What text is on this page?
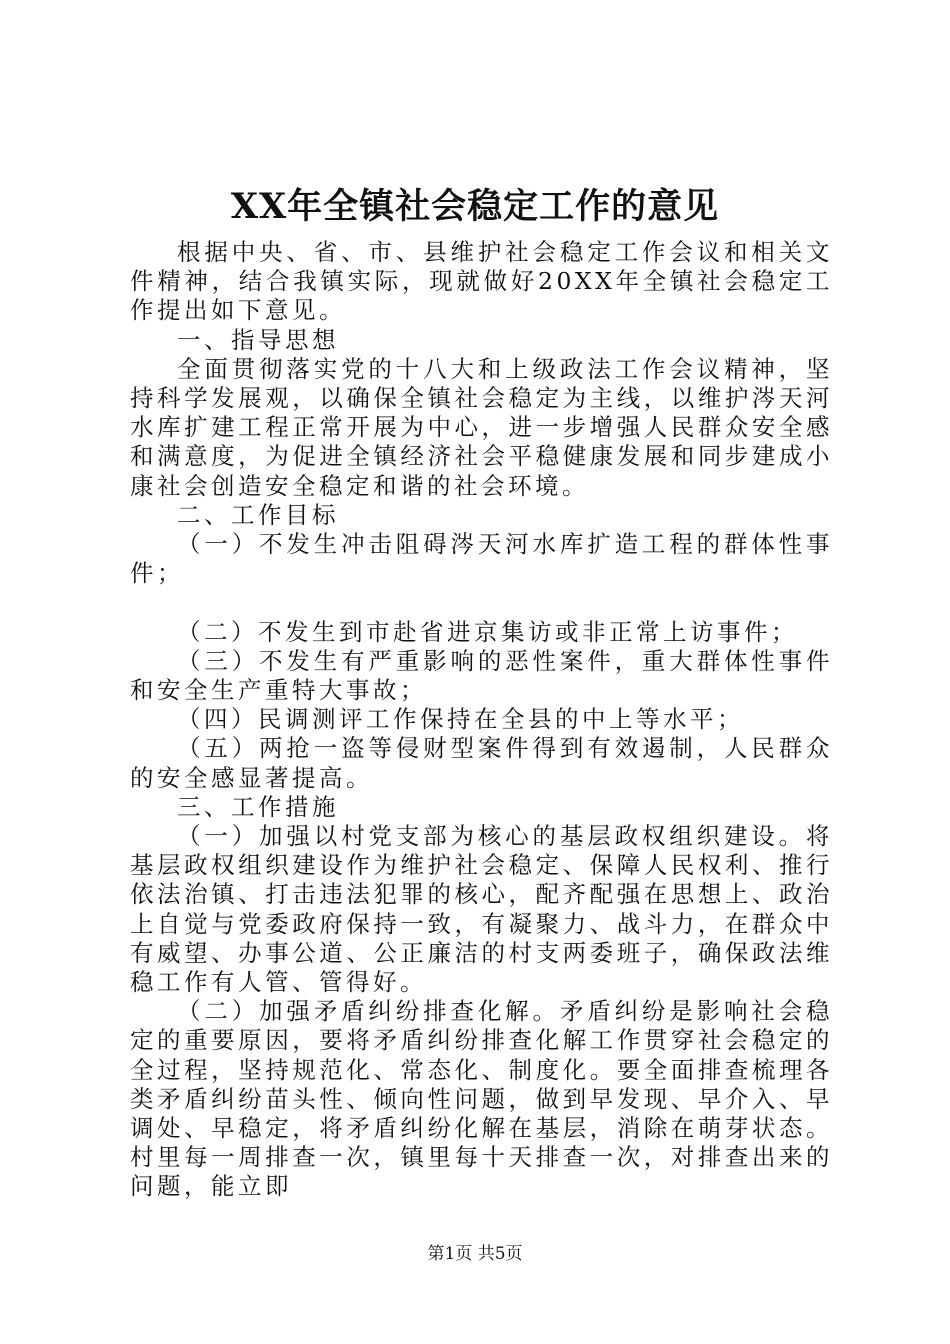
XX年全镇社会稳定工作的意见

根据中央、省、市、县维护社会稳定工作会议和相关文件精神，结合我镇实际，现就做好20XX年全镇社会稳定工作提出如下意见。

一、指导思想

全面贯彻落实党的十八大和上级政法工作会议精神，坚持科学发展观，以确保全镇社会稳定为主线，以维护涔天河水库扩建工程正常开展为中心，进一步增强人民群众安全感和满意度，为促进全镇经济社会平稳健康发展和同步建成小康社会创造安全稳定和谐的社会环境。

二、工作目标

（一）不发生冲击阻碍涔天河水库扩造工程的群体性事件；

（二）不发生到市赴省进京集访或非正常上访事件；

（三）不发生有严重影响的恶性案件，重大群体性事件和安全生产重特大事故；

（四）民调测评工作保持在全县的中上等水平；

（五）两抢一盗等侵财型案件得到有效遏制，人民群众的安全感显著提高。

三、工作措施

（一）加强以村党支部为核心的基层政权组织建设。将基层政权组织建设作为维护社会稳定、保障人民权利、推行依法治镇、打击违法犯罪的核心，配齐配强在思想上、政治上自觉与党委政府保持一致，有凝聚力、战斗力，在群众中有威望、办事公道、公正廉洁的村支两委班子，确保政法维稳工作有人管、管得好。

（二）加强矛盾纠纷排查化解。矛盾纠纷是影响社会稳定的重要原因，要将矛盾纠纷排查化解工作贯穿社会稳定的全过程，坚持规范化、常态化、制度化。要全面排查梳理各类矛盾纠纷苗头性、倾向性问题，做到早发现、早介入、早调处、早稳定，将矛盾纠纷化解在基层，消除在萌芽状态。村里每一周排查一次，镇里每十天排查一次，对排查出来的问题，能立即

第1页 共5页
